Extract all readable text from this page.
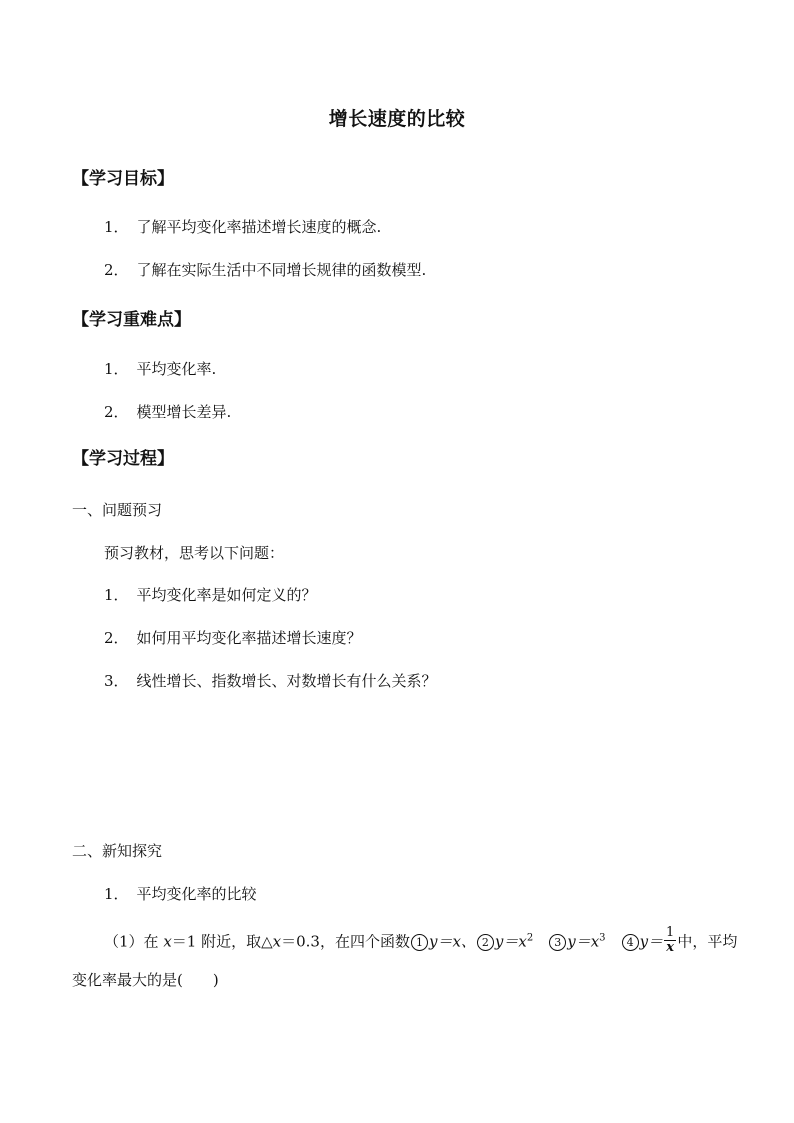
增长速度的比较
【学习目标】
1． 了解平均变化率描述增长速度的概念.
2． 了解在实际生活中不同增长规律的函数模型.
【学习重难点】
1． 平均变化率.
2． 模型增长差异.
【学习过程】
一、问题预习
预习教材，思考以下问题：
1． 平均变化率是如何定义的？
2． 如何用平均变化率描述增长速度？
3． 线性增长、指数增长、对数增长有什么关系？
二、新知探究
1． 平均变化率的比较
（1）在 x＝1 附近，取△x＝0.3，在四个函数 1 y＝x、 2 $y=x^2$　 3 $y=x^3$　 4 $y= \frac{1}{x}$ 中，平均
变化率最大的是(　　)
